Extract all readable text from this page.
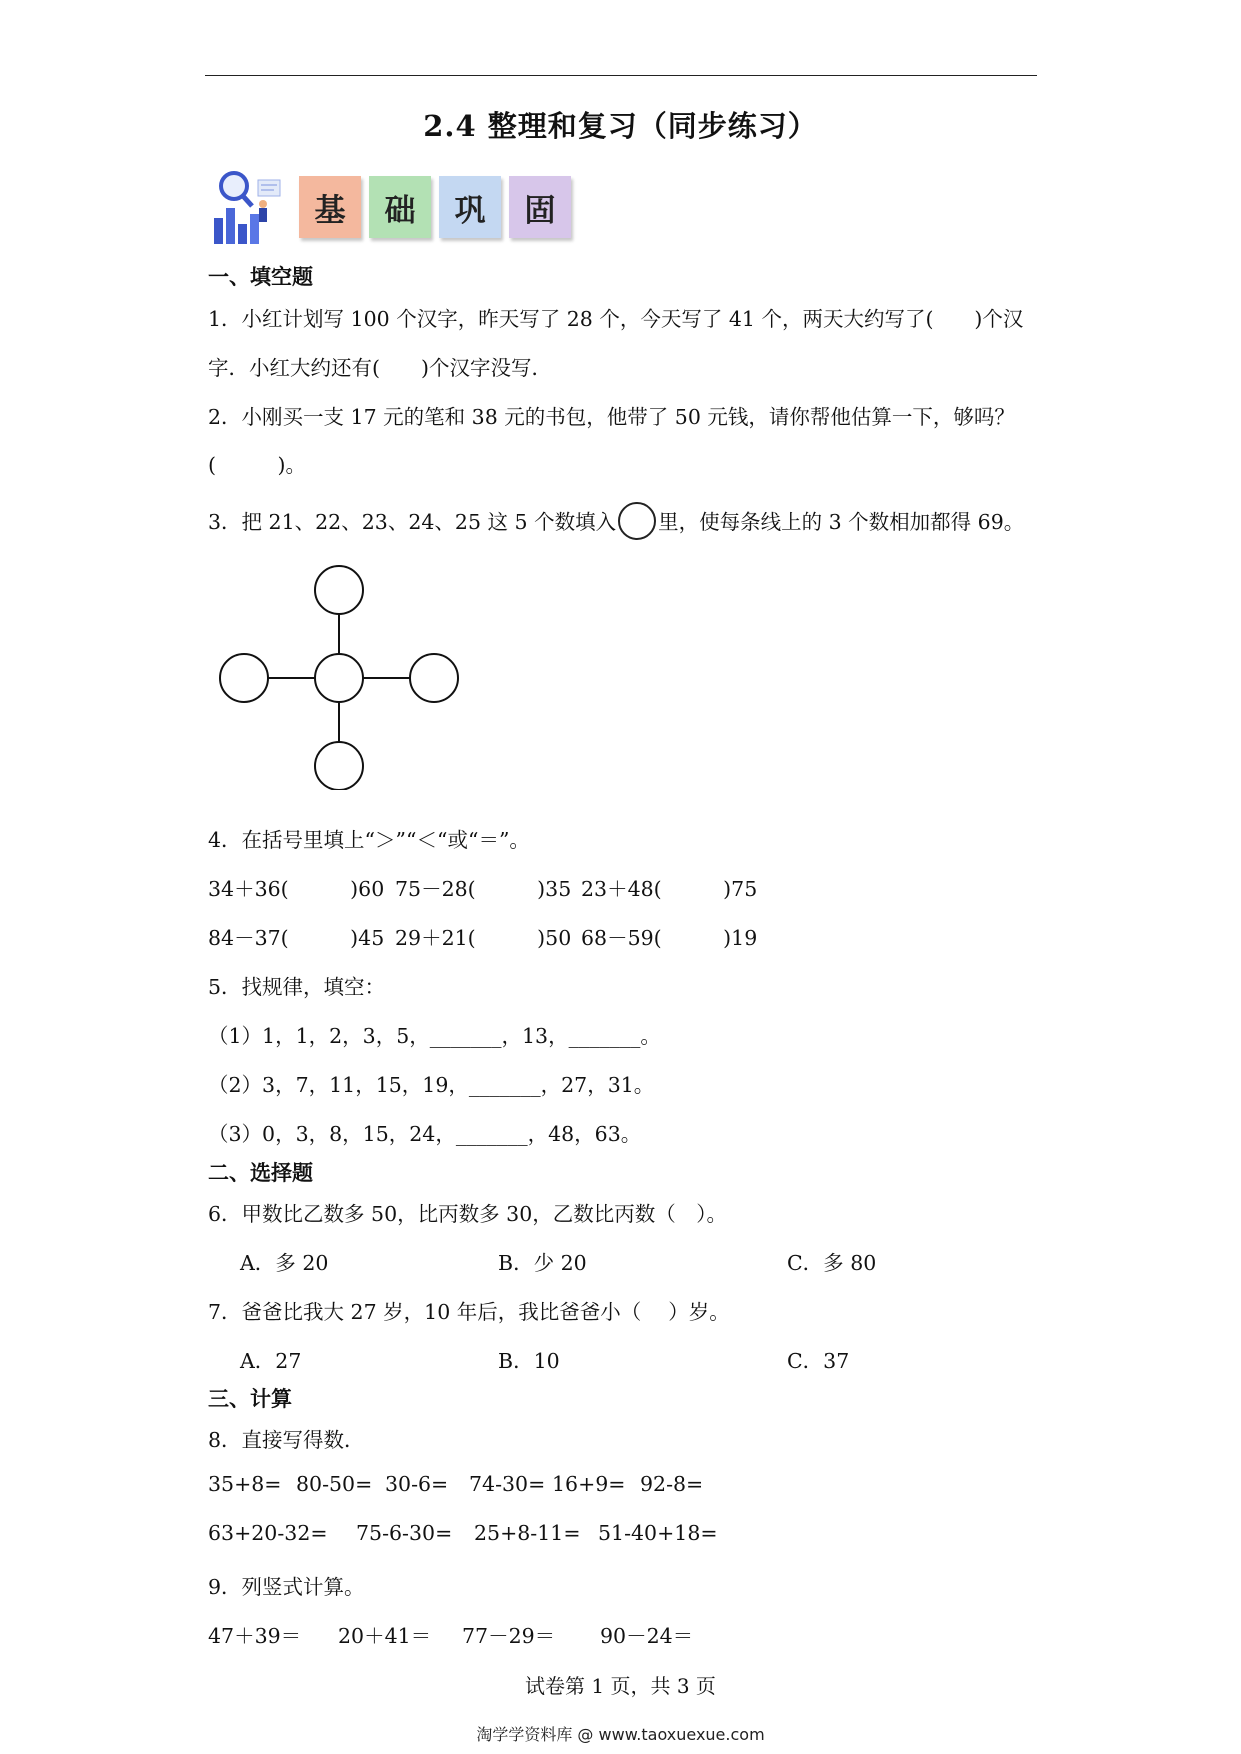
2.4 整理和复习（同步练习）
基	础	巩	固
一、填空题
1．小红计划写 100 个汉字，昨天写了 28 个，今天写了 41 个，两天大约写了(　　)个汉
字．小红大约还有(　　)个汉字没写．
2．小刚买一支 17 元的笔和 38 元的书包，他带了 50 元钱，请你帮他估算一下，够吗？
(　　　)。
3．把 21、22、23、24、25 这 5 个数填入 里，使每条线上的 3 个数相加都得 69。
4．在括号里填上“＞”“＜“或“＝”。
34＋36(　　　)60 75－28(　　　)35 23＋48(　　　)75
84－37(　　　)45 29＋21(　　　)50 68－59(　　　)19
5．找规律，填空：
（1）1，1，2，3，5，_______，13，_______。
（2）3，7，11，15，19，_______，27，31。
（3）0，3，8，15，24，_______，48，63。
二、选择题
6．甲数比乙数多 50，比丙数多 30，乙数比丙数（　）。
A．多 20	B．少 20	C．多 80
7．爸爸比我大 27 岁，10 年后，我比爸爸小（　 ）岁。
A．27	B．10	C．37
三、计算
8．直接写得数．
35+8= 80-50= 30-6= 74-30= 16+9= 92-8=
63+20-32= 75-6-30= 25+8-11= 51-40+18=
9．列竖式计算。
47＋39＝ 20＋41＝ 77－29＝ 90－24＝
试卷第 1 页，共 3 页
淘学学资料库 @ www.taoxuexue.com
